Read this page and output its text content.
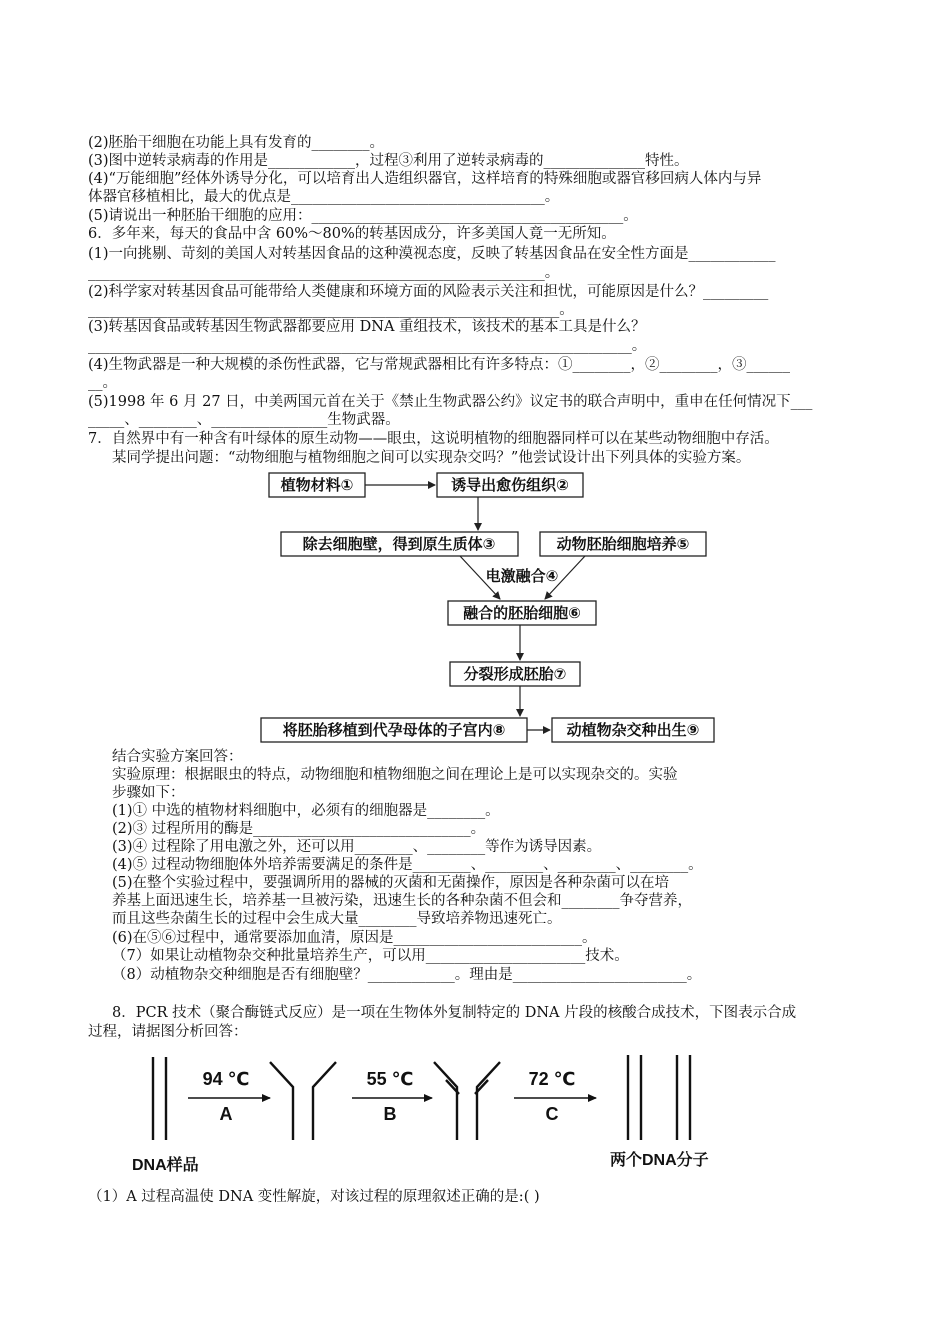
(2)胚胎干细胞在功能上具有发育的________。
(3)图中逆转录病毒的作用是____________，过程③利用了逆转录病毒的______________特性。
(4)“万能细胞”经体外诱导分化，可以培育出人造组织器官，这样培育的特殊细胞或器官移回病人体内与异
体器官移植相比，最大的优点是___________________________________。
(5)请说出一种胚胎干细胞的应用：___________________________________________。
6．多年来，每天的食品中含 60%～80%的转基因成分，许多美国人竟一无所知。
(1)一向挑剔、苛刻的美国人对转基因食品的这种漠视态度，反映了转基因食品在安全性方面是____________
_______________________________________________________________。
(2)科学家对转基因食品可能带给人类健康和环境方面的风险表示关注和担忧，可能原因是什么？_________
_________________________________________________________________。
(3)转基因食品或转基因生物武器都要应用 DNA 重组技术，该技术的基本工具是什么？
___________________________________________________________________________。
(4)生物武器是一种大规模的杀伤性武器，它与常规武器相比有许多特点：①________，②________，③______
__。
(5)1998 年 6 月 27 日，中美两国元首在关于《禁止生物武器公约》议定书的联合声明中，重申在任何情况下___
_____、________、________________生物武器。
7．自然界中有一种含有叶绿体的原生动物——眼虫，这说明植物的细胞器同样可以在某些动物细胞中存活。
某同学提出问题：“动物细胞与植物细胞之间可以实现杂交吗？”他尝试设计出下列具体的实验方案。
植物材料①	诱导出愈伤组织②
除去细胞壁，得到原生质体③	动物胚胎细胞培养⑤
电激融合④
融合的胚胎细胞⑥
分裂形成胚胎⑦
将胚胎移植到代孕母体的子宫内⑧	动植物杂交种出生⑨
结合实验方案回答：
实验原理：根据眼虫的特点，动物细胞和植物细胞之间在理论上是可以实现杂交的。实验
步骤如下：
(1)① 中选的植物材料细胞中，必须有的细胞器是________。
(2)③ 过程所用的酶是______________________________。
(3)④ 过程除了用电激之外，还可以用________、________等作为诱导因素。
(4)⑤ 过程动物细胞体外培养需要满足的条件是________、________、________、________。
(5)在整个实验过程中，要强调所用的器械的灭菌和无菌操作，原因是各种杂菌可以在培
养基上面迅速生长，培养基一旦被污染，迅速生长的各种杂菌不但会和________争夺营养，
而且这些杂菌生长的过程中会生成大量________导致培养物迅速死亡。
(6)在⑤⑥过程中，通常要添加血清，原因是__________________________。
（7）如果让动植物杂交种批量培养生产，可以用______________________技术。
（8）动植物杂交种细胞是否有细胞壁？____________。理由是________________________。
8．PCR 技术（聚合酶链式反应）是一项在生物体外复制特定的 DNA 片段的核酸合成技术，下图表示合成
过程，请据图分析回答：
94 ℃
A
55 ℃
B
72 ℃
C
DNA样品	两个DNA分子
（1）A 过程高温使 DNA 变性解旋，对该过程的原理叙述正确的是:( )
